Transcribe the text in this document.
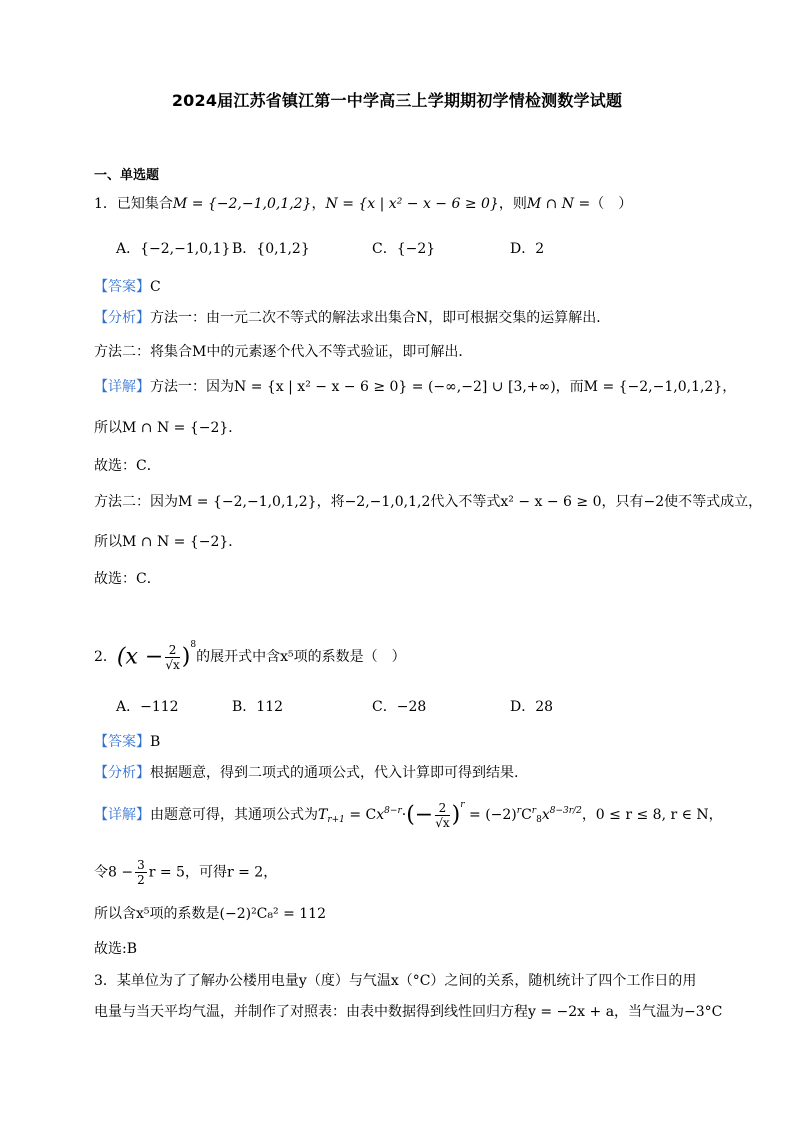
2024届江苏省镇江第一中学高三上学期期初学情检测数学试题
一、单选题
1．已知集合M = {−2,−1,0,1,2}，N = {x | x² − x − 6 ≥ 0}，则M ∩ N =（　）
A．{−2,−1,0,1} B．{0,1,2}	C．{−2}	D．2
【答案】C
【分析】方法一：由一元二次不等式的解法求出集合N，即可根据交集的运算解出．
方法二：将集合M中的元素逐个代入不等式验证，即可解出．
【详解】方法一：因为N = {x | x² − x − 6 ≥ 0} = (−∞,−2] ∪ [3,+∞)，而M = {−2,−1,0,1,2}，
所以M ∩ N = {−2}．
故选：C．
方法二：因为M = {−2,−1,0,1,2}，将−2,−1,0,1,2代入不等式x² − x − 6 ≥ 0，只有−2使不等式成立，
所以M ∩ N = {−2}．
故选：C．
2．$(x - \frac{2}{√x} )^8$的展开式中含x⁵项的系数是（　）
A．−112	B．112	C．−28	D．28
【答案】B
【分析】根据题意，得到二项式的通项公式，代入计算即可得到结果.
【详解】由题意可得，其通项公式为$T_{r+1} = Cx^{8-r}\cdot(- \frac{2}{√x} )^r = (-2)^rC^r_8x^{8-3r/2}$，0 ≤ r ≤ 8, r ∈ N，
令$8 - \frac{3}{2}$ r = 5，可得r = 2，
所以含x⁵项的系数是(−2)²C₈² = 112
故选:B
3．某单位为了了解办公楼用电量y（度）与气温x（°C）之间的关系，随机统计了四个工作日的用
电量与当天平均气温，并制作了对照表：由表中数据得到线性回归方程y = −2x + a，当气温为−3°C
